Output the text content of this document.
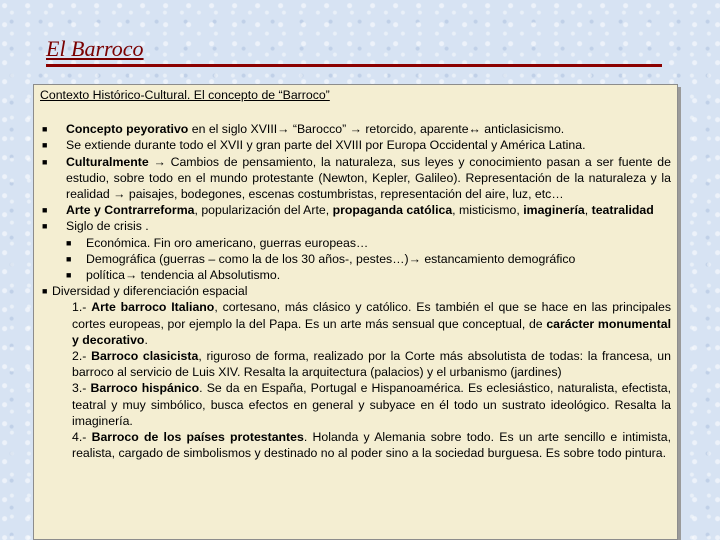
El Barroco
Contexto Histórico-Cultural. El concepto de “Barroco”
■ Concepto peyorativo en el siglo XVIII→ “Barocco” → retorcido, aparente↔ anticlasicismo.
■ Se extiende durante todo el XVII y gran parte del XVIII por Europa Occidental y América Latina.
■ Culturalmente → Cambios de pensamiento, la naturaleza, sus leyes y conocimiento pasan a ser fuente de estudio, sobre todo en el mundo protestante (Newton, Kepler, Galileo). Representación de la naturaleza y la realidad → paisajes, bodegones, escenas costumbristas, representación del aire, luz, etc…
■ Arte y Contrarreforma, popularización del Arte, propaganda católica, misticismo, imaginería, teatralidad
■ Siglo de crisis .
■ Económica. Fin oro americano, guerras europeas…
■ Demográfica (guerras – como la de los 30 años-, pestes…)→ estancamiento demográfico
■ política→ tendencia al Absolutismo.
■ Diversidad y diferenciación espacial
1.- Arte barroco Italiano, cortesano, más clásico y católico. Es también el que se hace en las principales cortes europeas, por ejemplo la del Papa. Es un arte más sensual que conceptual, de carácter monumental y decorativo.
2.- Barroco clasicista, riguroso de forma, realizado por la Corte más absolutista de todas: la francesa, un barroco al servicio de Luis XIV. Resalta la arquitectura (palacios) y el urbanismo (jardines)
3.- Barroco hispánico. Se da en España, Portugal e Hispanoamérica. Es eclesiástico, naturalista, efectista, teatral y muy simbólico, busca efectos en general y subyace en él todo un sustrato ideológico. Resalta la imaginería.
4.- Barroco de los países protestantes. Holanda y Alemania sobre todo. Es un arte sencillo e intimista, realista, cargado de simbolismos y destinado no al poder sino a la sociedad burguesa. Es sobre todo pintura.
